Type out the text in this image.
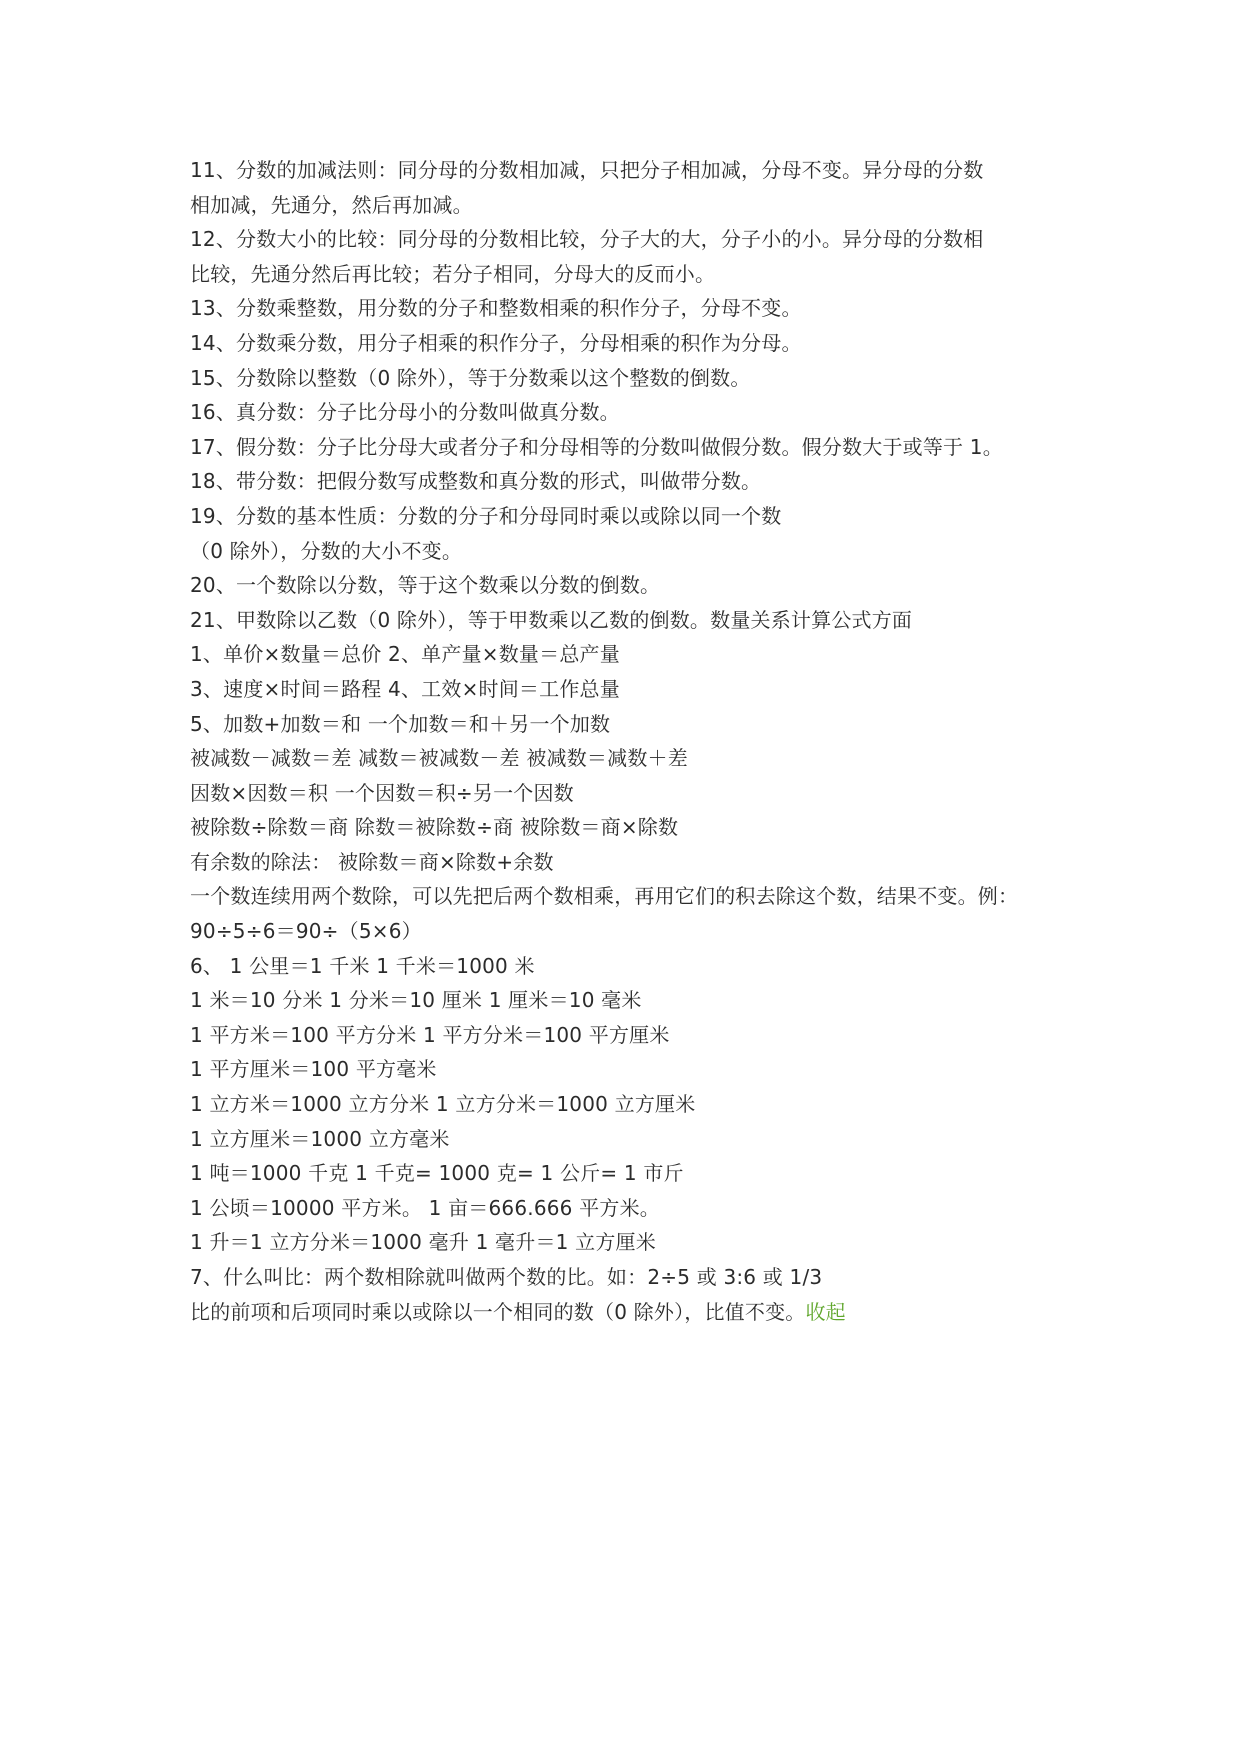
11、分数的加减法则：同分母的分数相加减，只把分子相加减，分母不变。异分母的分数
相加减，先通分，然后再加减。
12、分数大小的比较：同分母的分数相比较，分子大的大，分子小的小。异分母的分数相
比较，先通分然后再比较；若分子相同，分母大的反而小。
13、分数乘整数，用分数的分子和整数相乘的积作分子，分母不变。
14、分数乘分数，用分子相乘的积作分子，分母相乘的积作为分母。
15、分数除以整数（0 除外），等于分数乘以这个整数的倒数。
16、真分数：分子比分母小的分数叫做真分数。
17、假分数：分子比分母大或者分子和分母相等的分数叫做假分数。假分数大于或等于 1。
18、带分数：把假分数写成整数和真分数的形式，叫做带分数。
19、分数的基本性质：分数的分子和分母同时乘以或除以同一个数
（0 除外），分数的大小不变。
20、一个数除以分数，等于这个数乘以分数的倒数。
21、甲数除以乙数（0 除外），等于甲数乘以乙数的倒数。数量关系计算公式方面
1、单价×数量＝总价 2、单产量×数量＝总产量
3、速度×时间＝路程 4、工效×时间＝工作总量
5、加数+加数＝和 一个加数＝和＋另一个加数
被减数－减数＝差 减数＝被减数－差 被减数＝减数＋差
因数×因数＝积 一个因数＝积÷另一个因数
被除数÷除数＝商 除数＝被除数÷商 被除数＝商×除数
有余数的除法： 被除数＝商×除数+余数
一个数连续用两个数除，可以先把后两个数相乘，再用它们的积去除这个数，结果不变。例：
90÷5÷6＝90÷（5×6）
6、 1 公里＝1 千米 1 千米＝1000 米
1 米＝10 分米 1 分米＝10 厘米 1 厘米＝10 毫米
1 平方米＝100 平方分米 1 平方分米＝100 平方厘米
1 平方厘米＝100 平方毫米
1 立方米＝1000 立方分米 1 立方分米＝1000 立方厘米
1 立方厘米＝1000 立方毫米
1 吨＝1000 千克 1 千克= 1000 克= 1 公斤= 1 市斤
1 公顷＝10000 平方米。 1 亩＝666.666 平方米。
1 升＝1 立方分米＝1000 毫升 1 毫升＝1 立方厘米
7、什么叫比：两个数相除就叫做两个数的比。如：2÷5 或 3:6 或 1/3
比的前项和后项同时乘以或除以一个相同的数（0 除外），比值不变。收起
